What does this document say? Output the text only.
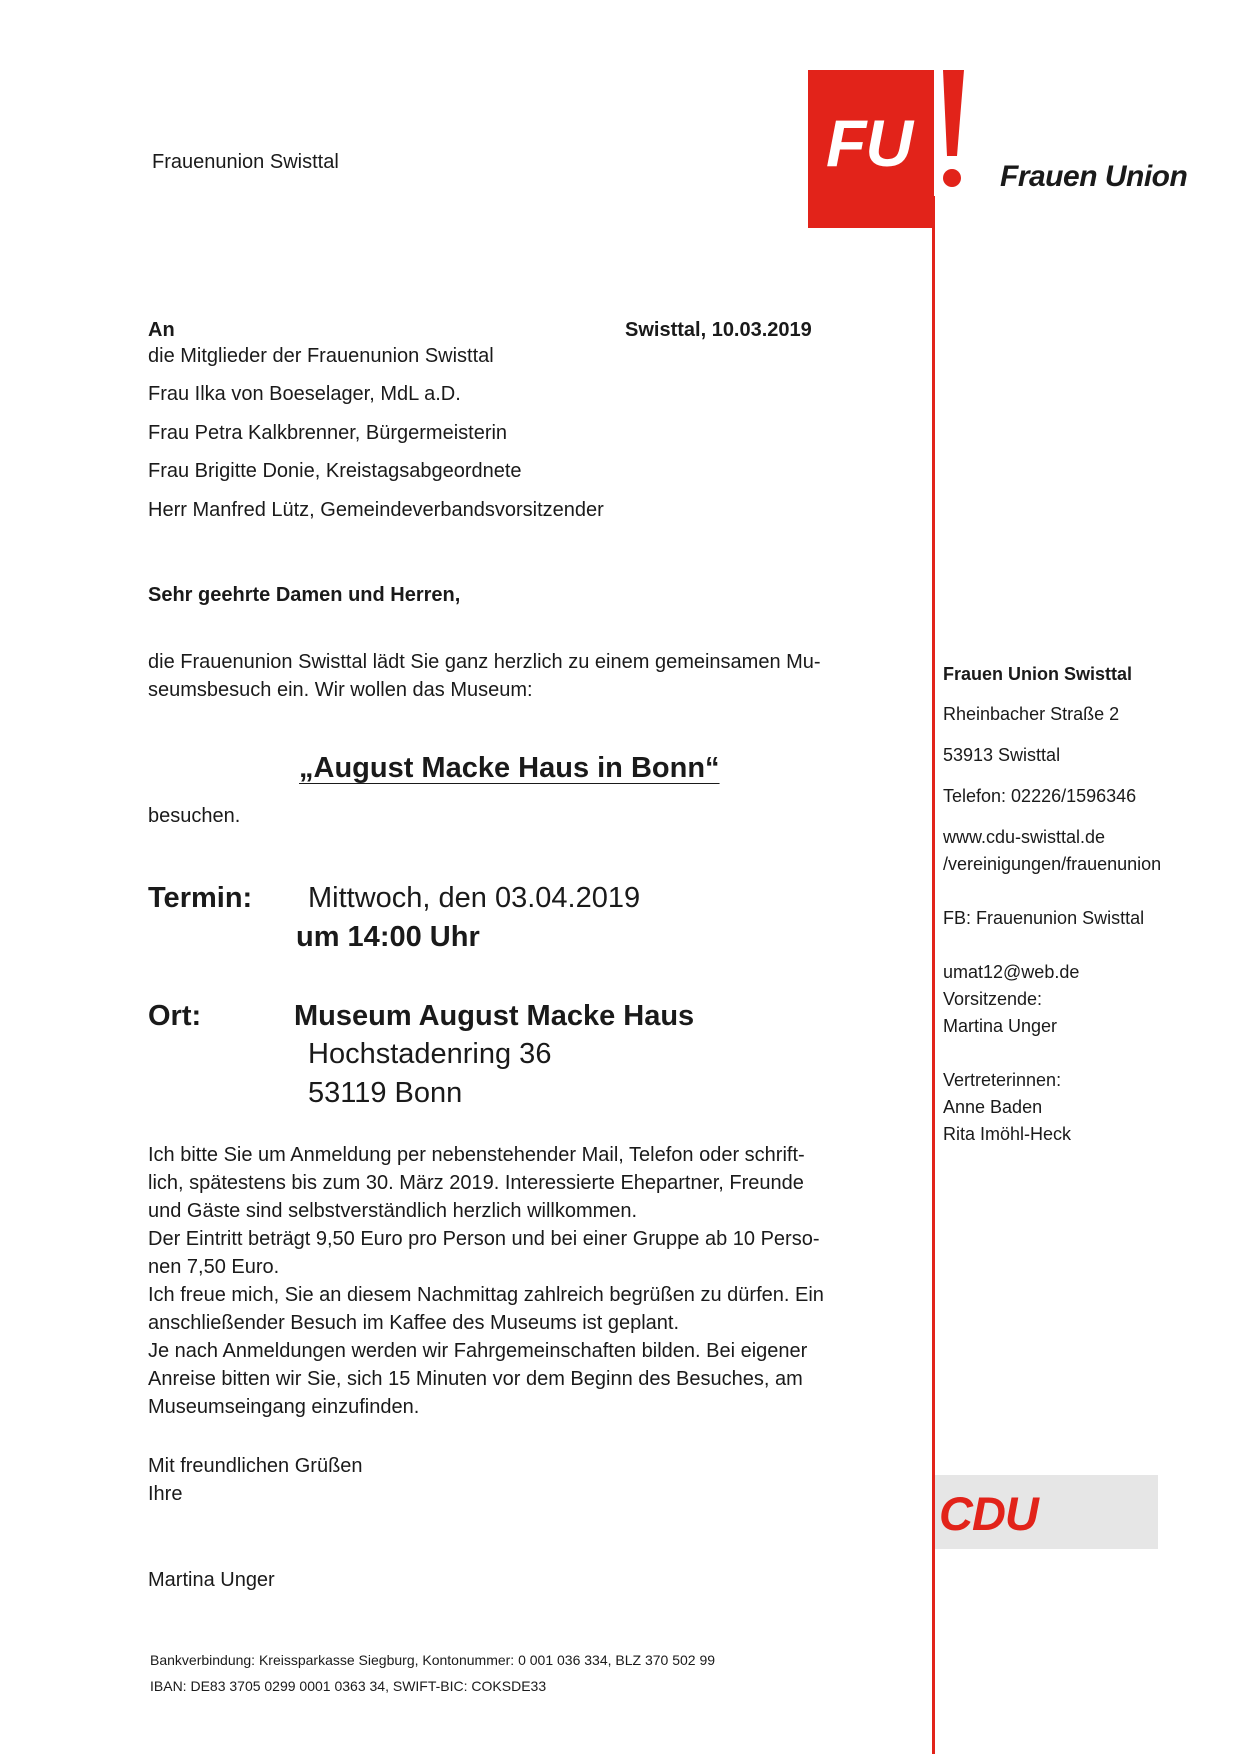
Frauenunion Swisttal	FU	Frauen Union
An	Swisttal, 10.03.2019
die Mitglieder der Frauenunion Swisttal
Frau Ilka von Boeselager, MdL a.D.
Frau Petra Kalkbrenner, Bürgermeisterin
Frau Brigitte Donie, Kreistagsabgeordnete
Herr Manfred Lütz, Gemeindeverbandsvorsitzender
Sehr geehrte Damen und Herren,
die Frauenunion Swisttal lädt Sie ganz herzlich zu einem gemeinsamen Mu-
seumsbesuch ein. Wir wollen das Museum:
„August Macke Haus in Bonn“
besuchen.
Termin: Mittwoch, den 03.04.2019
um 14:00 Uhr
Ort:	Museum August Macke Haus
Hochstadenring 36
53119 Bonn
Ich bitte Sie um Anmeldung per nebenstehender Mail, Telefon oder schrift-
lich, spätestens bis zum 30. März 2019. Interessierte Ehepartner, Freunde
und Gäste sind selbstverständlich herzlich willkommen.
Der Eintritt beträgt 9,50 Euro pro Person und bei einer Gruppe ab 10 Perso-
nen 7,50 Euro.
Ich freue mich, Sie an diesem Nachmittag zahlreich begrüßen zu dürfen. Ein
anschließender Besuch im Kaffee des Museums ist geplant.
Je nach Anmeldungen werden wir Fahrgemeinschaften bilden. Bei eigener
Anreise bitten wir Sie, sich 15 Minuten vor dem Beginn des Besuches, am
Museumseingang einzufinden.
Mit freundlichen Grüßen
Ihre
Martina Unger
Frauen Union Swisttal
Rheinbacher Straße 2
53913 Swisttal
Telefon: 02226/1596346
www.cdu-swisttal.de
/vereinigungen/frauenunion
FB: Frauenunion Swisttal
umat12@web.de
Vorsitzende:
Martina Unger
Vertreterinnen:
Anne Baden
Rita Imöhl-Heck
CDU
Bankverbindung: Kreissparkasse Siegburg, Kontonummer: 0 001 036 334, BLZ 370 502 99
IBAN: DE83 3705 0299 0001 0363 34, SWIFT-BIC: COKSDE33
